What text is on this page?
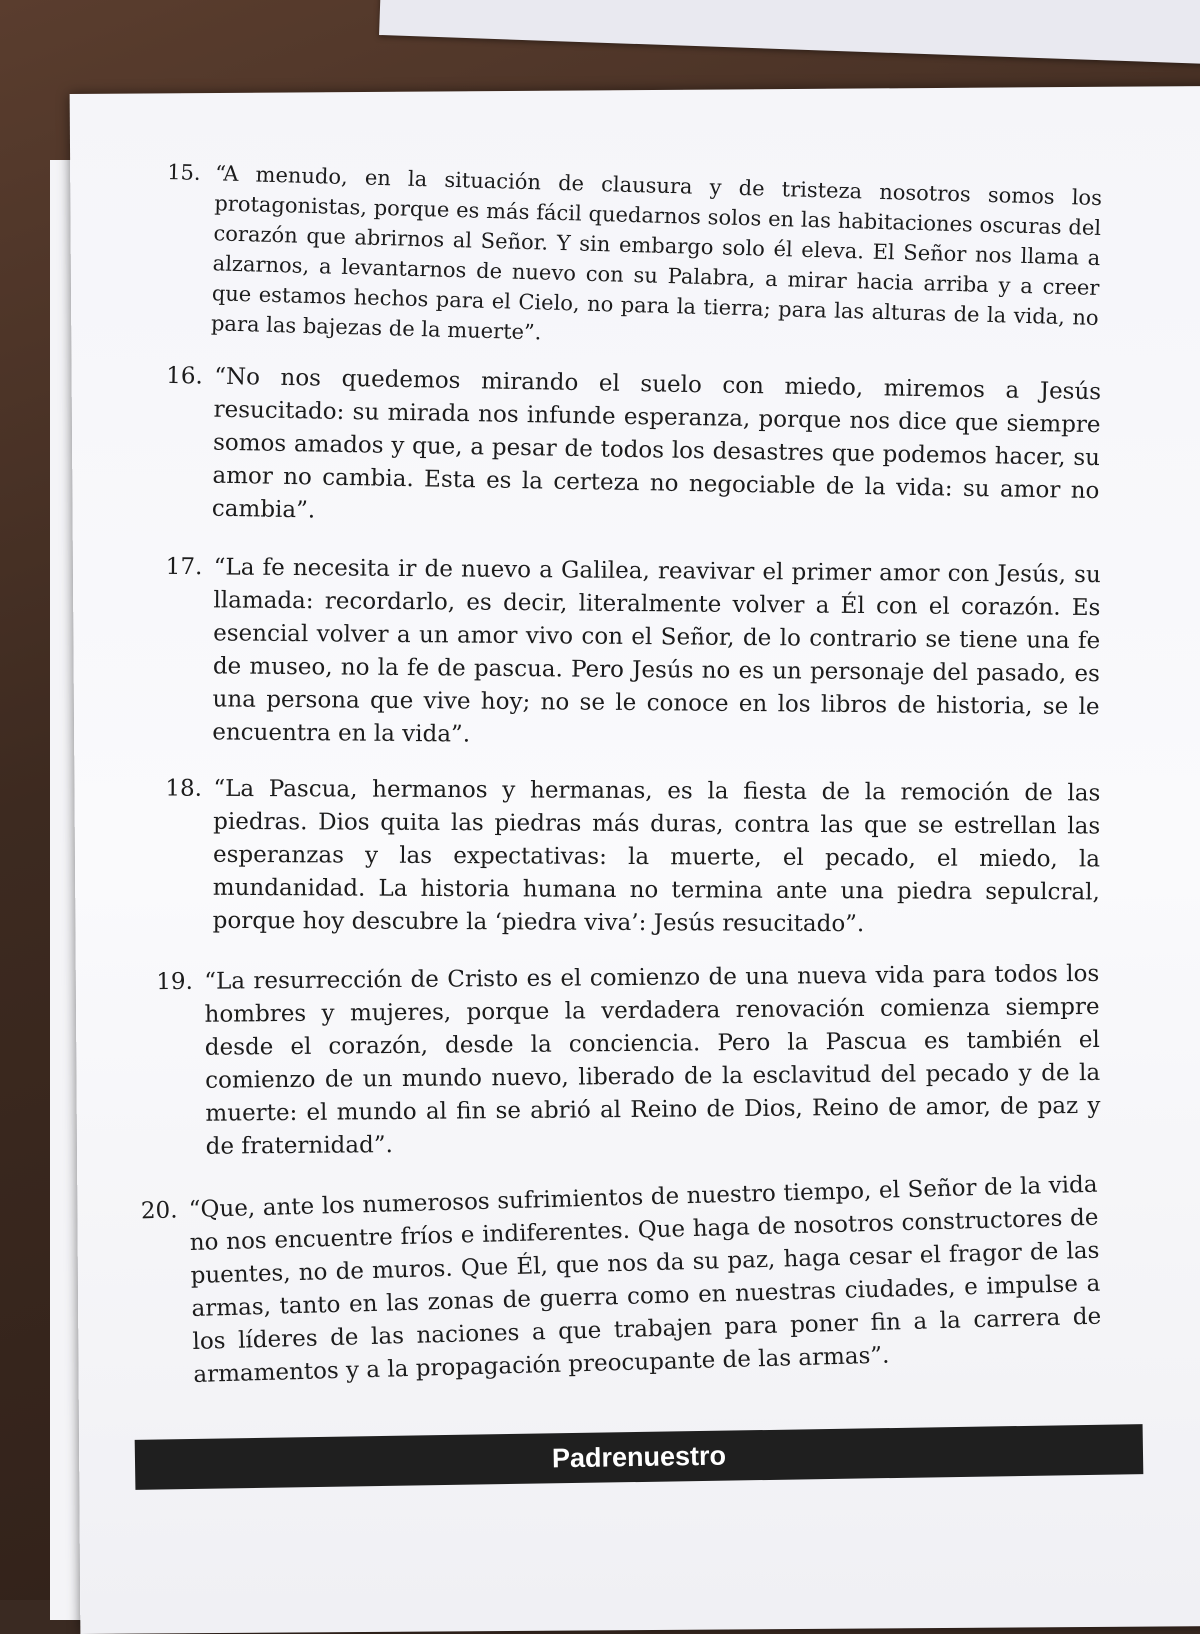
15. “A menudo, en la situación de clausura y de tristeza nosotros somos los protagonistas, porque es más fácil quedarnos solos en las habitaciones oscuras del corazón que abrirnos al Señor. Y sin embargo solo él eleva. El Señor nos llama a alzarnos, a levantarnos de nuevo con su Palabra, a mirar hacia arriba y a creer que estamos hechos para el Cielo, no para la tierra; para las alturas de la vida, no para las bajezas de la muerte”.
16. “No nos quedemos mirando el suelo con miedo, miremos a Jesús resucitado: su mirada nos infunde esperanza, porque nos dice que siempre somos amados y que, a pesar de todos los desastres que podemos hacer, su amor no cambia. Esta es la certeza no negociable de la vida: su amor no cambia”.
17. “La fe necesita ir de nuevo a Galilea, reavivar el primer amor con Jesús, su llamada: recordarlo, es decir, literalmente volver a Él con el corazón. Es esencial volver a un amor vivo con el Señor, de lo contrario se tiene una fe de museo, no la fe de pascua. Pero Jesús no es un personaje del pasado, es una persona que vive hoy; no se le conoce en los libros de historia, se le encuentra en la vida”.
18. “La Pascua, hermanos y hermanas, es la fiesta de la remoción de las piedras. Dios quita las piedras más duras, contra las que se estrellan las esperanzas y las expectativas: la muerte, el pecado, el miedo, la mundanidad. La historia humana no termina ante una piedra sepulcral, porque hoy descubre la ‘piedra viva’: Jesús resucitado”.
19. “La resurrección de Cristo es el comienzo de una nueva vida para todos los hombres y mujeres, porque la verdadera renovación comienza siempre desde el corazón, desde la conciencia. Pero la Pascua es también el comienzo de un mundo nuevo, liberado de la esclavitud del pecado y de la muerte: el mundo al fin se abrió al Reino de Dios, Reino de amor, de paz y de fraternidad”.
20. “Que, ante los numerosos sufrimientos de nuestro tiempo, el Señor de la vida no nos encuentre fríos e indiferentes. Que haga de nosotros constructores de puentes, no de muros. Que Él, que nos da su paz, haga cesar el fragor de las armas, tanto en las zonas de guerra como en nuestras ciudades, e impulse a los líderes de las naciones a que trabajen para poner fin a la carrera de armamentos y a la propagación preocupante de las armas”.
Padrenuestro
